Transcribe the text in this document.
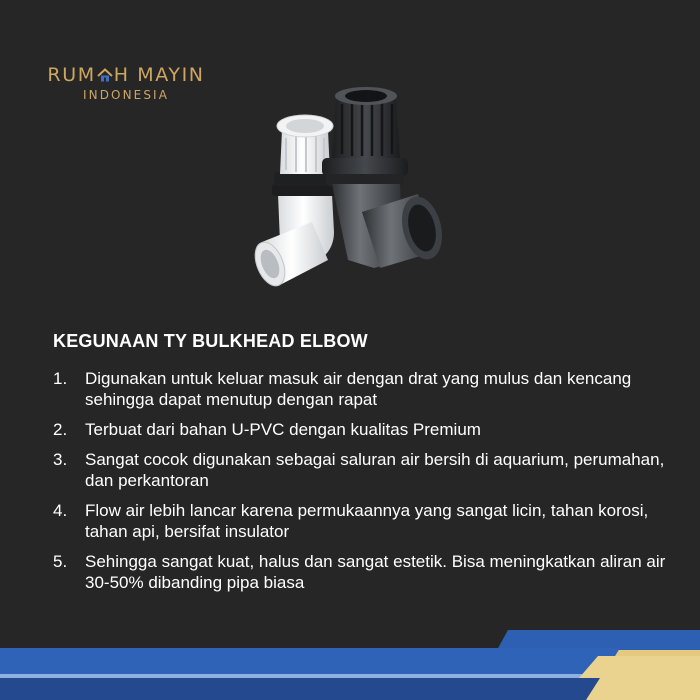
RUM H MAYIN
INDONESIA
KEGUNAAN TY BULKHEAD ELBOW
1.	Digunakan untuk keluar masuk air dengan drat yang mulus dan kencang sehingga dapat menutup dengan rapat
2.	Terbuat dari bahan U-PVC dengan kualitas Premium
3.	Sangat cocok digunakan sebagai saluran air bersih di aquarium, perumahan, dan perkantoran
4.	Flow air lebih lancar karena permukaannya yang sangat licin, tahan korosi, tahan api, bersifat insulator
5.	Sehingga sangat kuat, halus dan sangat estetik. Bisa meningkatkan aliran air 30-50% dibanding pipa biasa
